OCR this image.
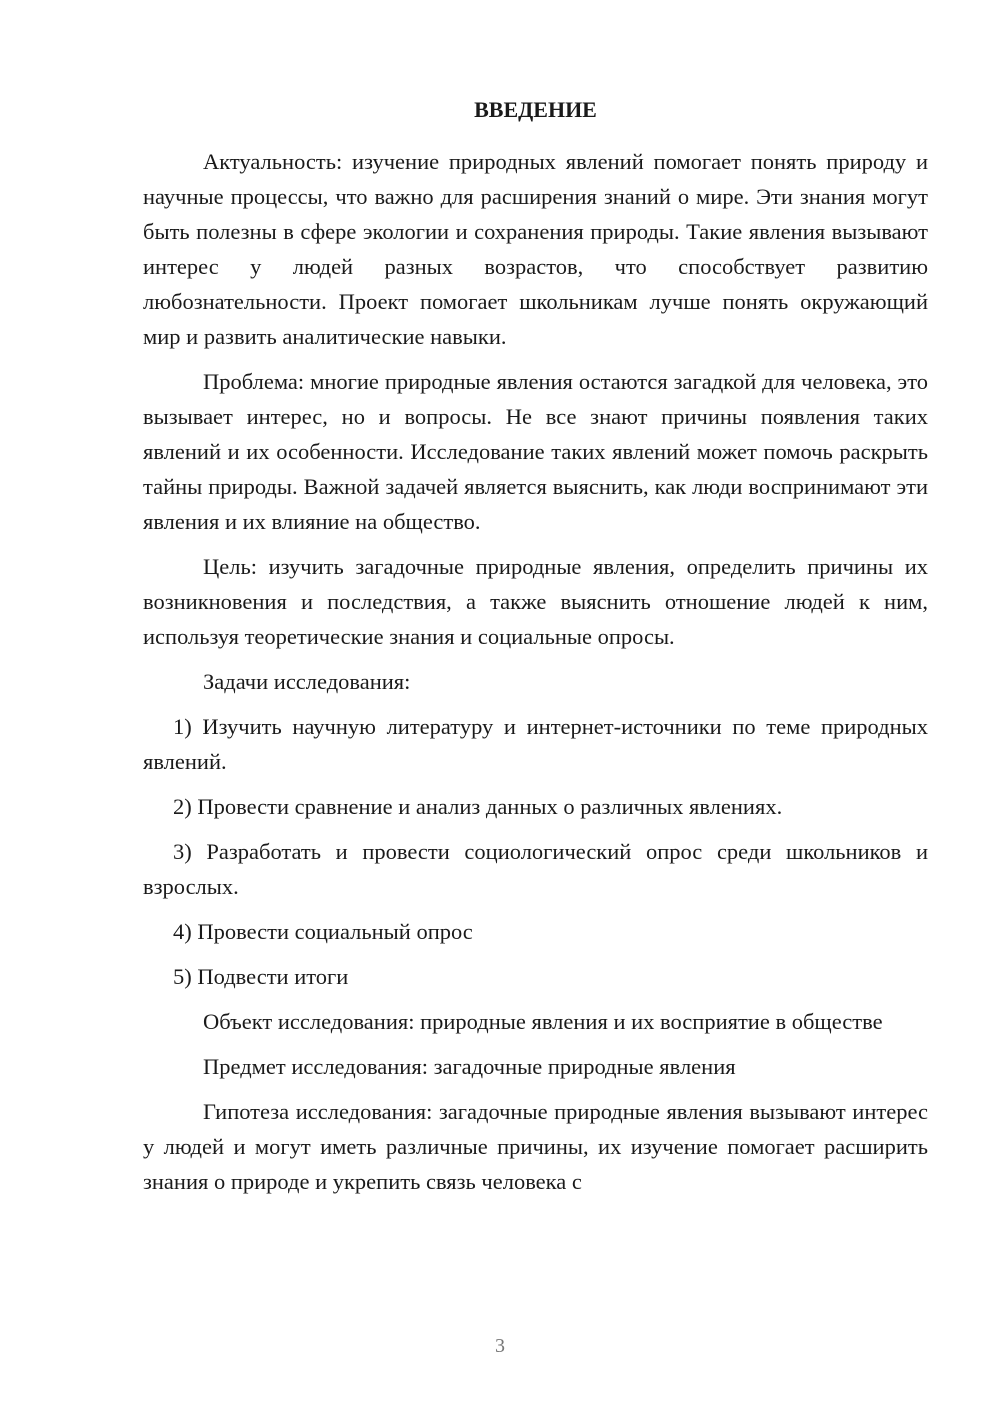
ВВЕДЕНИЕ

Актуальность: изучение природных явлений помогает понять природу и научные процессы, что важно для расширения знаний о мире. Эти знания могут быть полезны в сфере экологии и сохранения природы. Такие явления вызывают интерес у людей разных возрастов, что способствует развитию любознательности. Проект помогает школьникам лучше понять окружающий мир и развить аналитические навыки.

Проблема: многие природные явления остаются загадкой для человека, это вызывает интерес, но и вопросы. Не все знают причины появления таких явлений и их особенности. Исследование таких явлений может помочь раскрыть тайны природы. Важной задачей является выяснить, как люди воспринимают эти явления и их влияние на общество.

Цель: изучить загадочные природные явления, определить причины их возникновения и последствия, а также выяснить отношение людей к ним, используя теоретические знания и социальные опросы.

Задачи исследования:

1) Изучить научную литературу и интернет-источники по теме природных явлений.

2) Провести сравнение и анализ данных о различных явлениях.

3) Разработать и провести социологический опрос среди школьников и взрослых.

4) Провести социальный опрос

5) Подвести итоги

Объект исследования: природные явления и их восприятие в обществе

Предмет исследования: загадочные природные явления

Гипотеза исследования: загадочные природные явления вызывают интерес у людей и могут иметь различные причины, их изучение помогает расширить знания о природе и укрепить связь человека с

3
